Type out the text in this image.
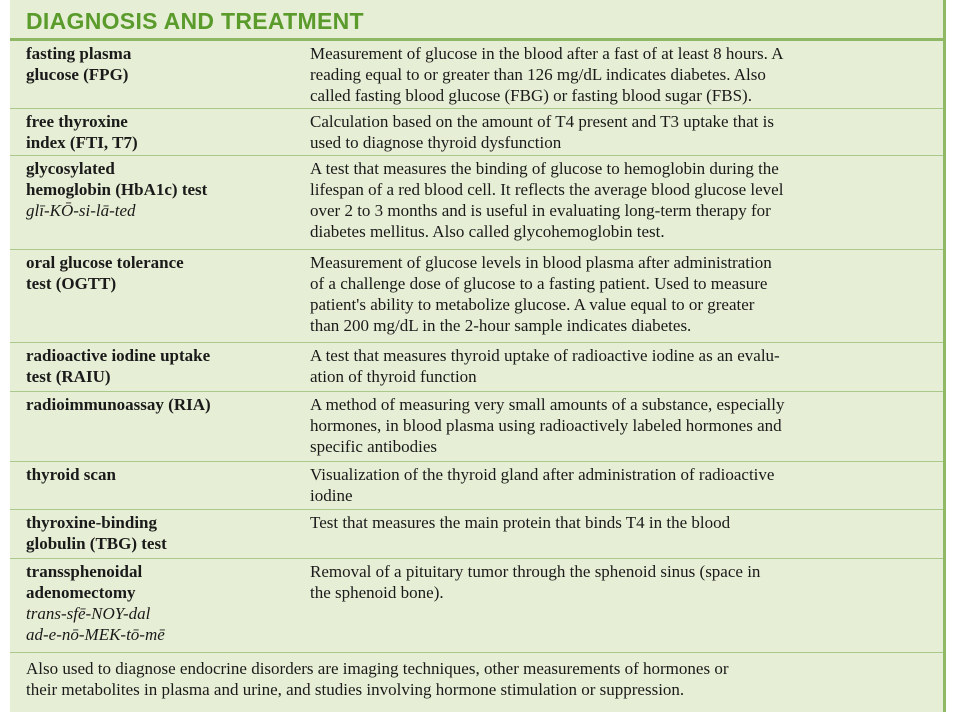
DIAGNOSIS AND TREATMENT
fasting plasma
glucose (FPG)
Measurement of glucose in the blood after a fast of at least 8 hours. A
reading equal to or greater than 126 mg/dL indicates diabetes. Also
called fasting blood glucose (FBG) or fasting blood sugar (FBS).
free thyroxine
index (FTI, T7)
Calculation based on the amount of T4 present and T3 uptake that is
used to diagnose thyroid dysfunction
glycosylated
hemoglobin (HbA1c) test
glī-KŌ-si-lā-ted
A test that measures the binding of glucose to hemoglobin during the
lifespan of a red blood cell. It reflects the average blood glucose level
over 2 to 3 months and is useful in evaluating long-term therapy for
diabetes mellitus. Also called glycohemoglobin test.
oral glucose tolerance
test (OGTT)
Measurement of glucose levels in blood plasma after administration
of a challenge dose of glucose to a fasting patient. Used to measure
patient's ability to metabolize glucose. A value equal to or greater
than 200 mg/dL in the 2-hour sample indicates diabetes.
radioactive iodine uptake
test (RAIU)
A test that measures thyroid uptake of radioactive iodine as an evalu-
ation of thyroid function
radioimmunoassay (RIA)	A method of measuring very small amounts of a substance, especially
hormones, in blood plasma using radioactively labeled hormones and
specific antibodies
thyroid scan	Visualization of the thyroid gland after administration of radioactive
iodine
thyroxine-binding
globulin (TBG) test
Test that measures the main protein that binds T4 in the blood
transsphenoidal
adenomectomy
trans-sfē-NOY-dal
ad-e-nō-MEK-tō-mē
Removal of a pituitary tumor through the sphenoid sinus (space in
the sphenoid bone).
Also used to diagnose endocrine disorders are imaging techniques, other measurements of hormones or
their metabolites in plasma and urine, and studies involving hormone stimulation or suppression.
